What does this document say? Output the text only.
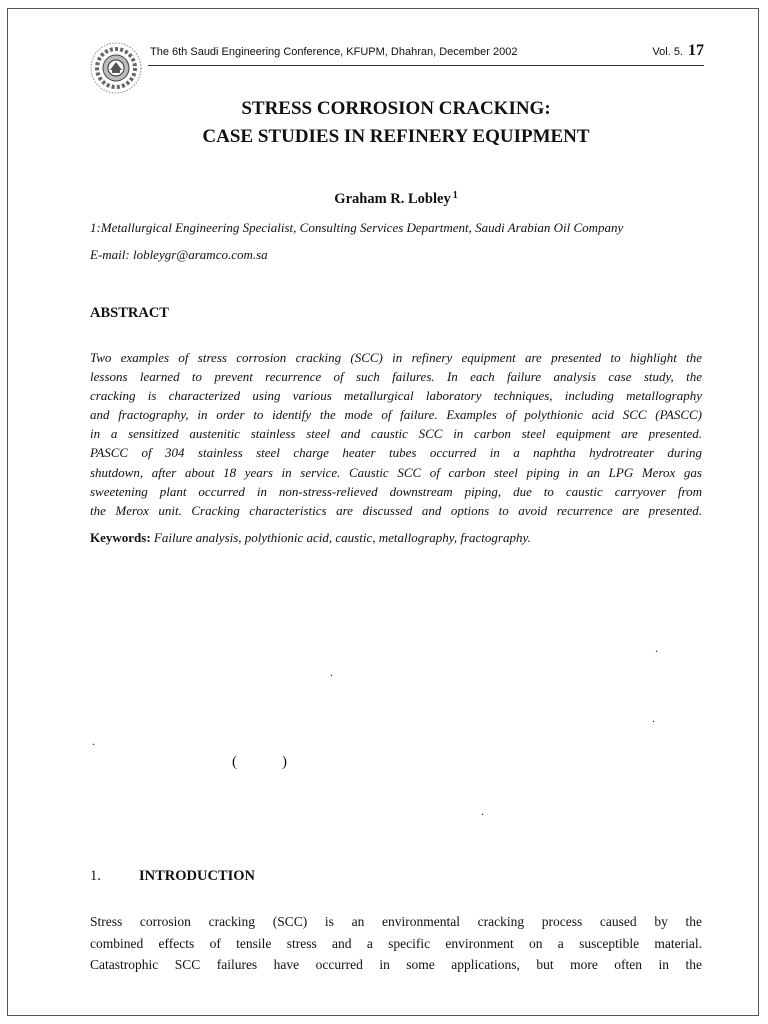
The 6th Saudi Engineering Conference, KFUPM, Dhahran, December 2002	Vol. 5. 17
STRESS CORROSION CRACKING:
CASE STUDIES IN REFINERY EQUIPMENT
Graham R. Lobley $^1$
1:Metallurgical Engineering Specialist, Consulting Services Department, Saudi Arabian Oil Company
E-mail: lobleygr@aramco.com.sa
ABSTRACT
Two examples of stress corrosion cracking (SCC) in refinery equipment are presented to highlight the
lessons learned to prevent recurrence of such failures. In each failure analysis case study, the
cracking is characterized using various metallurgical laboratory techniques, including metallography
and fractography, in order to identify the mode of failure. Examples of polythionic acid SCC (PASCC)
in a sensitized austenitic stainless steel and caustic SCC in carbon steel equipment are presented.
PASCC of 304 stainless steel charge heater tubes occurred in a naphtha hydrotreater during
shutdown, after about 18 years in service. Caustic SCC of carbon steel piping in an LPG Merox gas
sweetening plant occurred in non-stress-relieved downstream piping, due to caustic carryover from
the Merox unit. Cracking characteristics are discussed and options to avoid recurrence are presented.
Keywords: Failure analysis, polythionic acid, caustic, metallography, fractography.
.
.
.
.
(	)
.
1.	INTRODUCTION
Stress corrosion cracking (SCC) is an environmental cracking process caused by the
combined effects of tensile stress and a specific environment on a susceptible material.
Catastrophic SCC failures have occurred in some applications, but more often in the
